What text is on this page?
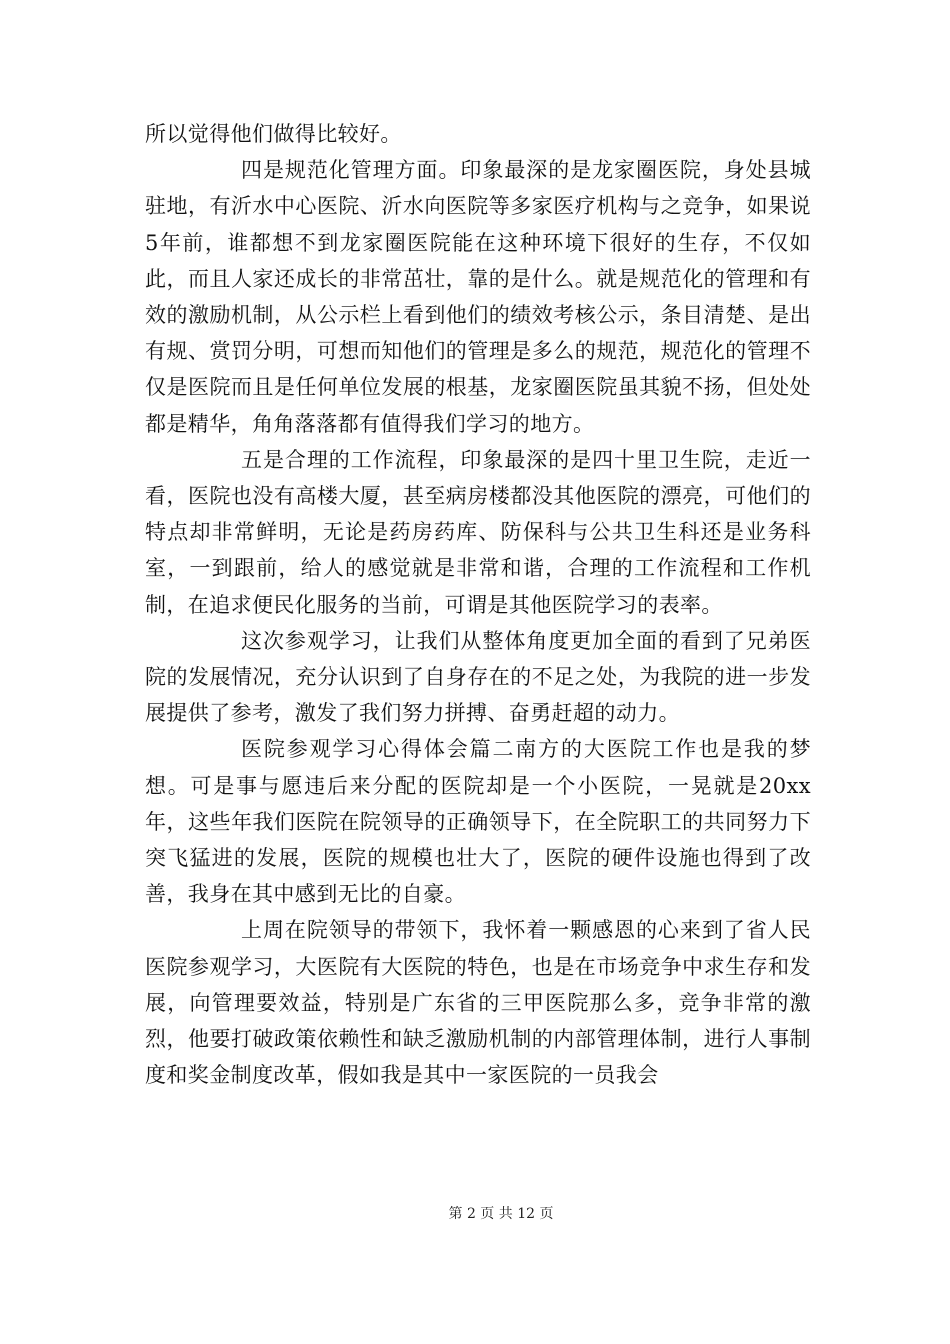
所以觉得他们做得比较好。

四是规范化管理方面。印象最深的是龙家圈医院，身处县城驻地，有沂水中心医院、沂水向医院等多家医疗机构与之竞争，如果说5年前，谁都想不到龙家圈医院能在这种环境下很好的生存，不仅如此，而且人家还成长的非常茁壮，靠的是什么。就是规范化的管理和有效的激励机制，从公示栏上看到他们的绩效考核公示，条目清楚、是出有规、赏罚分明，可想而知他们的管理是多么的规范，规范化的管理不仅是医院而且是任何单位发展的根基，龙家圈医院虽其貌不扬，但处处都是精华，角角落落都有值得我们学习的地方。

五是合理的工作流程，印象最深的是四十里卫生院，走近一看，医院也没有高楼大厦，甚至病房楼都没其他医院的漂亮，可他们的特点却非常鲜明，无论是药房药库、防保科与公共卫生科还是业务科室，一到跟前，给人的感觉就是非常和谐，合理的工作流程和工作机制，在追求便民化服务的当前，可谓是其他医院学习的表率。

这次参观学习，让我们从整体角度更加全面的看到了兄弟医院的发展情况，充分认识到了自身存在的不足之处，为我院的进一步发展提供了参考，激发了我们努力拼搏、奋勇赶超的动力。

医院参观学习心得体会篇二南方的大医院工作也是我的梦想。可是事与愿违后来分配的医院却是一个小医院，一晃就是20xx年，这些年我们医院在院领导的正确领导下，在全院职工的共同努力下突飞猛进的发展，医院的规模也壮大了，医院的硬件设施也得到了改善，我身在其中感到无比的自豪。

上周在院领导的带领下，我怀着一颗感恩的心来到了省人民医院参观学习，大医院有大医院的特色，也是在市场竞争中求生存和发展，向管理要效益，特别是广东省的三甲医院那么多，竞争非常的激烈，他要打破政策依赖性和缺乏激励机制的内部管理体制，进行人事制度和奖金制度改革，假如我是其中一家医院的一员我会

第 2 页 共 12 页
